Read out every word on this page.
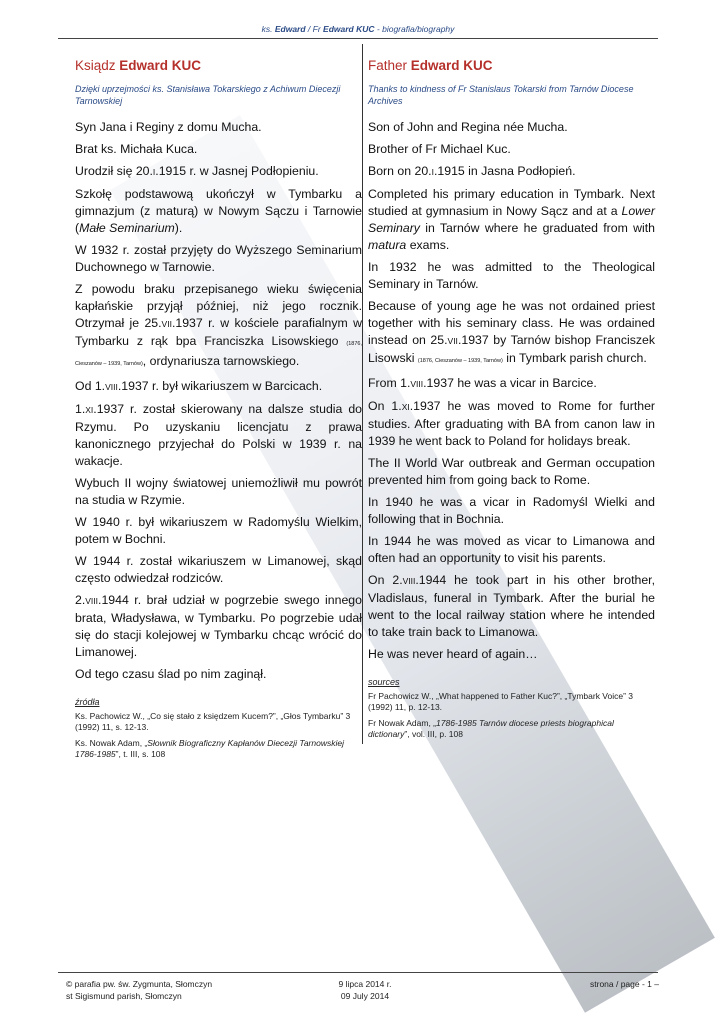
ks. Edward / Fr Edward KUC - biografia/biography
Ksiądz Edward KUC
Dzięki uprzejmości ks. Stanisława Tokarskiego z Achiwum Diecezji Tarnowskiej

Syn Jana i Reginy z domu Mucha.

Brat ks. Michała Kuca.

Urodził się 20.I.1915 r. w Jasnej Podłopieniu.

Szkołę podstawową ukończył w Tymbarku a gimnazjum (z maturą) w Nowym Sączu i Tarnowie (Małe Seminarium).

W 1932 r. został przyjęty do Wyższego Seminarium Duchownego w Tarnowie.

Z powodu braku przepisanego wieku święcenia kapłańskie przyjął później, niż jego rocznik. Otrzymał je 25.VII.1937 r. w kościele parafialnym w Tymbarku z rąk bpa Franciszka Lisowskiego (1876, Cieszanów – 1939, Tarnów), ordynariusza tarnowskiego.

Od 1.VIII.1937 r. był wikariuszem w Barcicach.

1.XI.1937 r. został skierowany na dalsze studia do Rzymu. Po uzyskaniu licencjatu z prawa kanonicznego przyjechał do Polski w 1939 r. na wakacje.

Wybuch II wojny światowej uniemożliwił mu powrót na studia w Rzymie.

W 1940 r. był wikariuszem w Radomyślu Wielkim, potem w Bochni.

W 1944 r. został wikariuszem w Limanowej, skąd często odwiedzał rodziców.

2.VIII.1944 r. brał udział w pogrzebie swego innego brata, Władysława, w Tymbarku. Po pogrzebie udał się do stacji kolejowej w Tymbarku chcąc wrócić do Limanowej.

Od tego czasu ślad po nim zaginął.

źródła
Ks. Pachowicz W., „Co się stało z księdzem Kucem?”, „Głos Tymbarku” 3 (1992) 11, s. 12-13.
Ks. Nowak Adam, „Słownik Biograficzny Kapłanów Diecezji Tarnowskiej 1786-1985”, t. III, s. 108
Father Edward KUC
Thanks to kindness of Fr Stanislaus Tokarski from Tarnów Diocese Archives

Son of John and Regina née Mucha.

Brother of Fr Michael Kuc.

Born on 20.I.1915 in Jasna Podłopień.

Completed his primary education in Tymbark. Next studied at gymnasium in Nowy Sącz and at a Lower Seminary in Tarnów where he graduated from with matura exams.

In 1932 he was admitted to the Theological Seminary in Tarnów.

Because of young age he was not ordained priest together with his seminary class. He was ordained instead on 25.VII.1937 by Tarnów bishop Franciszek Lisowski (1876, Cieszanów – 1939, Tarnów) in Tymbark parish church.

From 1.VIII.1937 he was a vicar in Barcice.

On 1.XI.1937 he was moved to Rome for further studies. After graduating with BA from canon law in 1939 he went back to Poland for holidays break.

The II World War outbreak and German occupation prevented him from going back to Rome.

In 1940 he was a vicar in Radomyśl Wielki and following that in Bochnia.

In 1944 he was moved as vicar to Limanowa and often had an opportunity to visit his parents.

On 2.VIII.1944 he took part in his other brother, Vladislaus, funeral in Tymbark. After the burial he went to the local railway station where he intended to take train back to Limanowa.

He was never heard of again…

sources
Fr Pachowicz W., „What happened to Father Kuc?”, „Tymbark Voice” 3 (1992) 11, p. 12-13.
Fr Nowak Adam, „1786-1985 Tarnów diocese priests biographical dictionary”, vol. III, p. 108
© parafia pw. św. Zygmunta, Słomczyn
st Sigismund parish, Słomczyn
9 lipca 2014 r.
09 July 2014
strona / page - 1 –
